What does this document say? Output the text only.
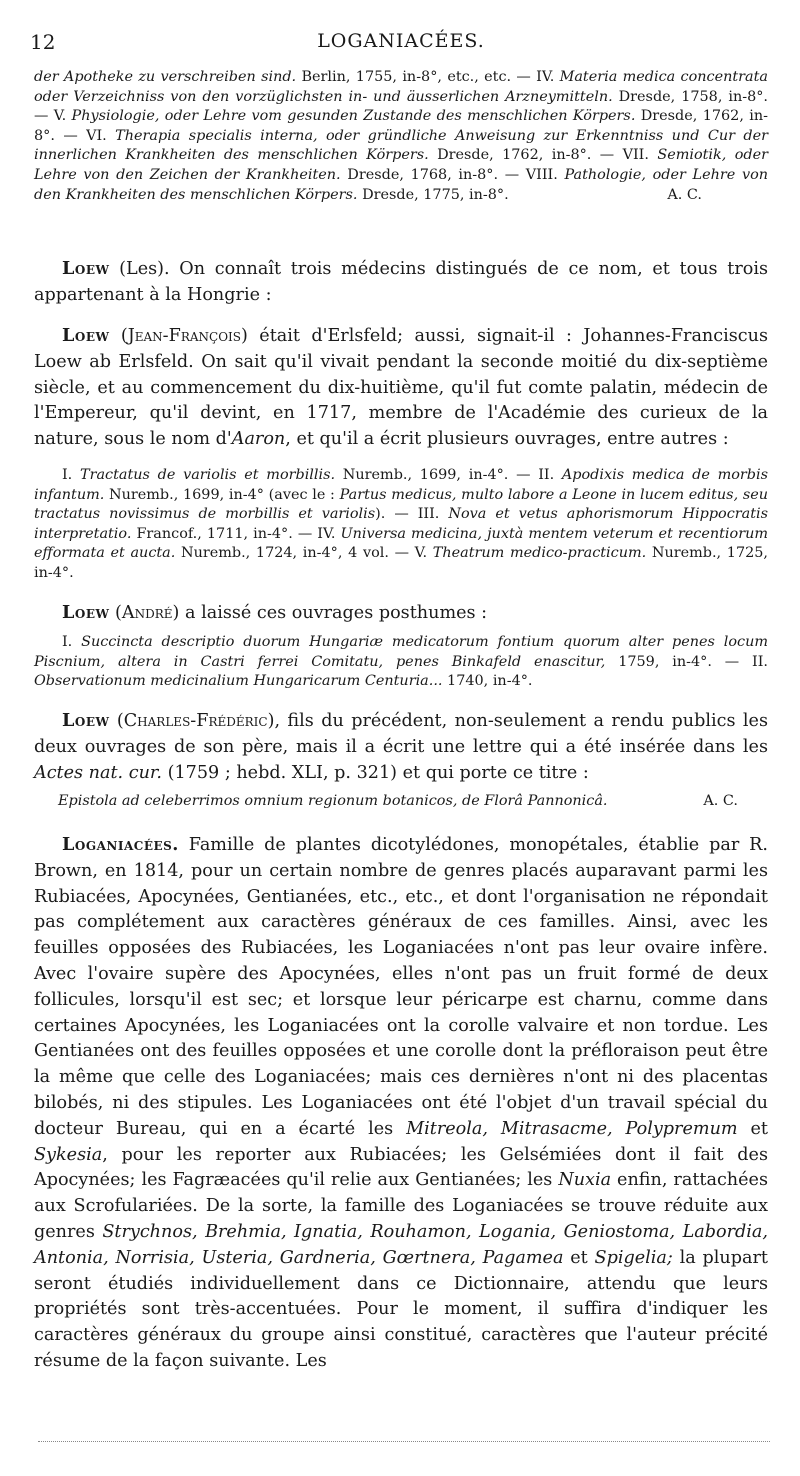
12	LOGANIACÉES.

der Apotheke zu verschreiben sind. Berlin, 1755, in-8°, etc., etc. — IV. Materia medica concentrata oder Verzeichniss von den vorzüglichsten in- und äusserlichen Arzneymitteln. Dresde, 1758, in-8°. — V. Physiologie, oder Lehre vom gesunden Zustande des menschlichen Körpers. Dresde, 1762, in-8°. — VI. Therapia specialis interna, oder gründliche Anweisung zur Erkenntniss und Cur der innerlichen Krankheiten des menschlichen Körpers. Dresde, 1762, in-8°. — VII. Semiotik, oder Lehre von den Zeichen der Krankheiten. Dresde, 1768, in-8°. — VIII. Pathologie, oder Lehre von den Krankheiten des menschlichen Körpers. Dresde, 1775, in-8°.	A. C.

Loew (Les). On connaît trois médecins distingués de ce nom, et tous trois appartenant à la Hongrie :

Loew (Jean-François) était d'Erlsfeld; aussi, signait-il : Johannes-Franciscus Loew ab Erlsfeld. On sait qu'il vivait pendant la seconde moitié du dix-septième siècle, et au commencement du dix-huitième, qu'il fut comte palatin, médecin de l'Empereur, qu'il devint, en 1717, membre de l'Académie des curieux de la nature, sous le nom d'Aaron, et qu'il a écrit plusieurs ouvrages, entre autres :

I. Tractatus de variolis et morbillis. Nuremb., 1699, in-4°. — II. Apodixis medica de morbis infantum. Nuremb., 1699, in-4° (avec le : Partus medicus, multo labore a Leone in lucem editus, seu tractatus novissimus de morbillis et variolis). — III. Nova et vetus aphorismorum Hippocratis interpretatio. Francof., 1711, in-4°. — IV. Universa medicina, juxtà mentem veterum et recentiorum efformata et aucta. Nuremb., 1724, in-4°, 4 vol. — V. Theatrum medico-practicum. Nuremb., 1725, in-4°.

Loew (André) a laissé ces ouvrages posthumes :

I. Succincta descriptio duorum Hungariæ medicatorum fontium quorum alter penes locum Piscnium, altera in Castri ferrei Comitatu, penes Binkafeld enascitur, 1759, in-4°. — II. Observationum medicinalium Hungaricarum Centuria... 1740, in-4°.

Loew (Charles-Frédéric), fils du précédent, non-seulement a rendu publics les deux ouvrages de son père, mais il a écrit une lettre qui a été insérée dans les Actes nat. cur. (1759 ; hebd. XLI, p. 321) et qui porte ce titre :

Epistola ad celeberrimos omnium regionum botanicos, de Florâ Pannonicâ.	A. C.

Loganiacées. Famille de plantes dicotylédones, monopétales, établie par R. Brown, en 1814, pour un certain nombre de genres placés auparavant parmi les Rubiacées, Apocynées, Gentianées, etc., etc., et dont l'organisation ne répondait pas complétement aux caractères généraux de ces familles. Ainsi, avec les feuilles opposées des Rubiacées, les Loganiacées n'ont pas leur ovaire infère. Avec l'ovaire supère des Apocynées, elles n'ont pas un fruit formé de deux follicules, lorsqu'il est sec; et lorsque leur péricarpe est charnu, comme dans certaines Apocynées, les Loganiacées ont la corolle valvaire et non tordue. Les Gentianées ont des feuilles opposées et une corolle dont la préfloraison peut être la même que celle des Loganiacées; mais ces dernières n'ont ni des placentas bilobés, ni des stipules. Les Loganiacées ont été l'objet d'un travail spécial du docteur Bureau, qui en a écarté les Mitreola, Mitrasacme, Polypremum et Sykesia, pour les reporter aux Rubiacées; les Gelsémiées dont il fait des Apocynées; les Fagræacées qu'il relie aux Gentianées; les Nuxia enfin, rattachées aux Scrofulariées. De la sorte, la famille des Loganiacées se trouve réduite aux genres Strychnos, Brehmia, Ignatia, Rouhamon, Logania, Geniostoma, Labordia, Antonia, Norrisia, Usteria, Gardneria, Gœrtnera, Pagamea et Spigelia; la plupart seront étudiés individuellement dans ce Dictionnaire, attendu que leurs propriétés sont très-accentuées. Pour le moment, il suffira d'indiquer les caractères généraux du groupe ainsi constitué, caractères que l'auteur précité résume de la façon suivante. Les
